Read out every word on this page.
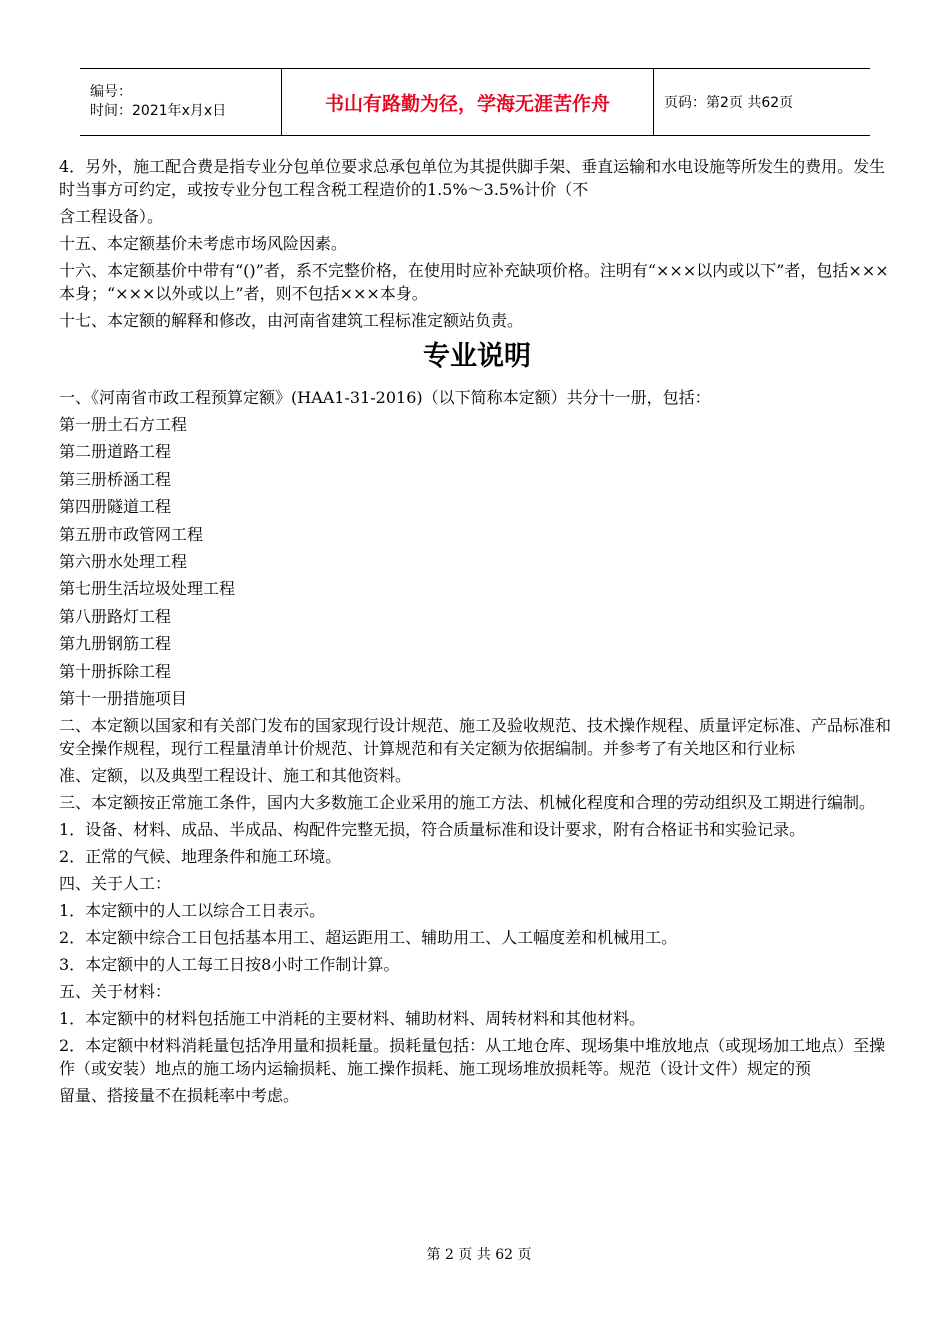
编号：
时间：2021年x月x日	书山有路勤为径，学海无涯苦作舟	页码：第2页 共62页

4．另外，施工配合费是指专业分包单位要求总承包单位为其提供脚手架、垂直运输和水电设施等所发生的费用。发生时当事方可约定，或按专业分包工程含税工程造价的1.5%～3.5%计价（不

含工程设备）。

十五、本定额基价未考虑市场风险因素。

十六、本定额基价中带有“()”者，系不完整价格，在使用时应补充缺项价格。注明有“×××以内或以下”者，包括×××本身；“×××以外或以上”者，则不包括×××本身。

十七、本定额的解释和修改，由河南省建筑工程标准定额站负责。

专业说明

一、《河南省市政工程预算定额》(HAA1-31-2016)（以下简称本定额）共分十一册，包括：

第一册土石方工程

第二册道路工程

第三册桥涵工程

第四册隧道工程

第五册市政管网工程

第六册水处理工程

第七册生活垃圾处理工程

第八册路灯工程

第九册钢筋工程

第十册拆除工程

第十一册措施项目

二、本定额以国家和有关部门发布的国家现行设计规范、施工及验收规范、技术操作规程、质量评定标准、产品标准和安全操作规程，现行工程量清单计价规范、计算规范和有关定额为依据编制。并参考了有关地区和行业标

准、定额，以及典型工程设计、施工和其他资料。

三、本定额按正常施工条件，国内大多数施工企业采用的施工方法、机械化程度和合理的劳动组织及工期进行编制。

1．设备、材料、成品、半成品、构配件完整无损，符合质量标准和设计要求，附有合格证书和实验记录。

2．正常的气候、地理条件和施工环境。

四、关于人工：

1．本定额中的人工以综合工日表示。

2．本定额中综合工日包括基本用工、超运距用工、辅助用工、人工幅度差和机械用工。

3．本定额中的人工每工日按8小时工作制计算。

五、关于材料：

1．本定额中的材料包括施工中消耗的主要材料、辅助材料、周转材料和其他材料。

2．本定额中材料消耗量包括净用量和损耗量。损耗量包括：从工地仓库、现场集中堆放地点（或现场加工地点）至操作（或安装）地点的施工场内运输损耗、施工操作损耗、施工现场堆放损耗等。规范（设计文件）规定的预

留量、搭接量不在损耗率中考虑。

第 2 页 共 62 页
